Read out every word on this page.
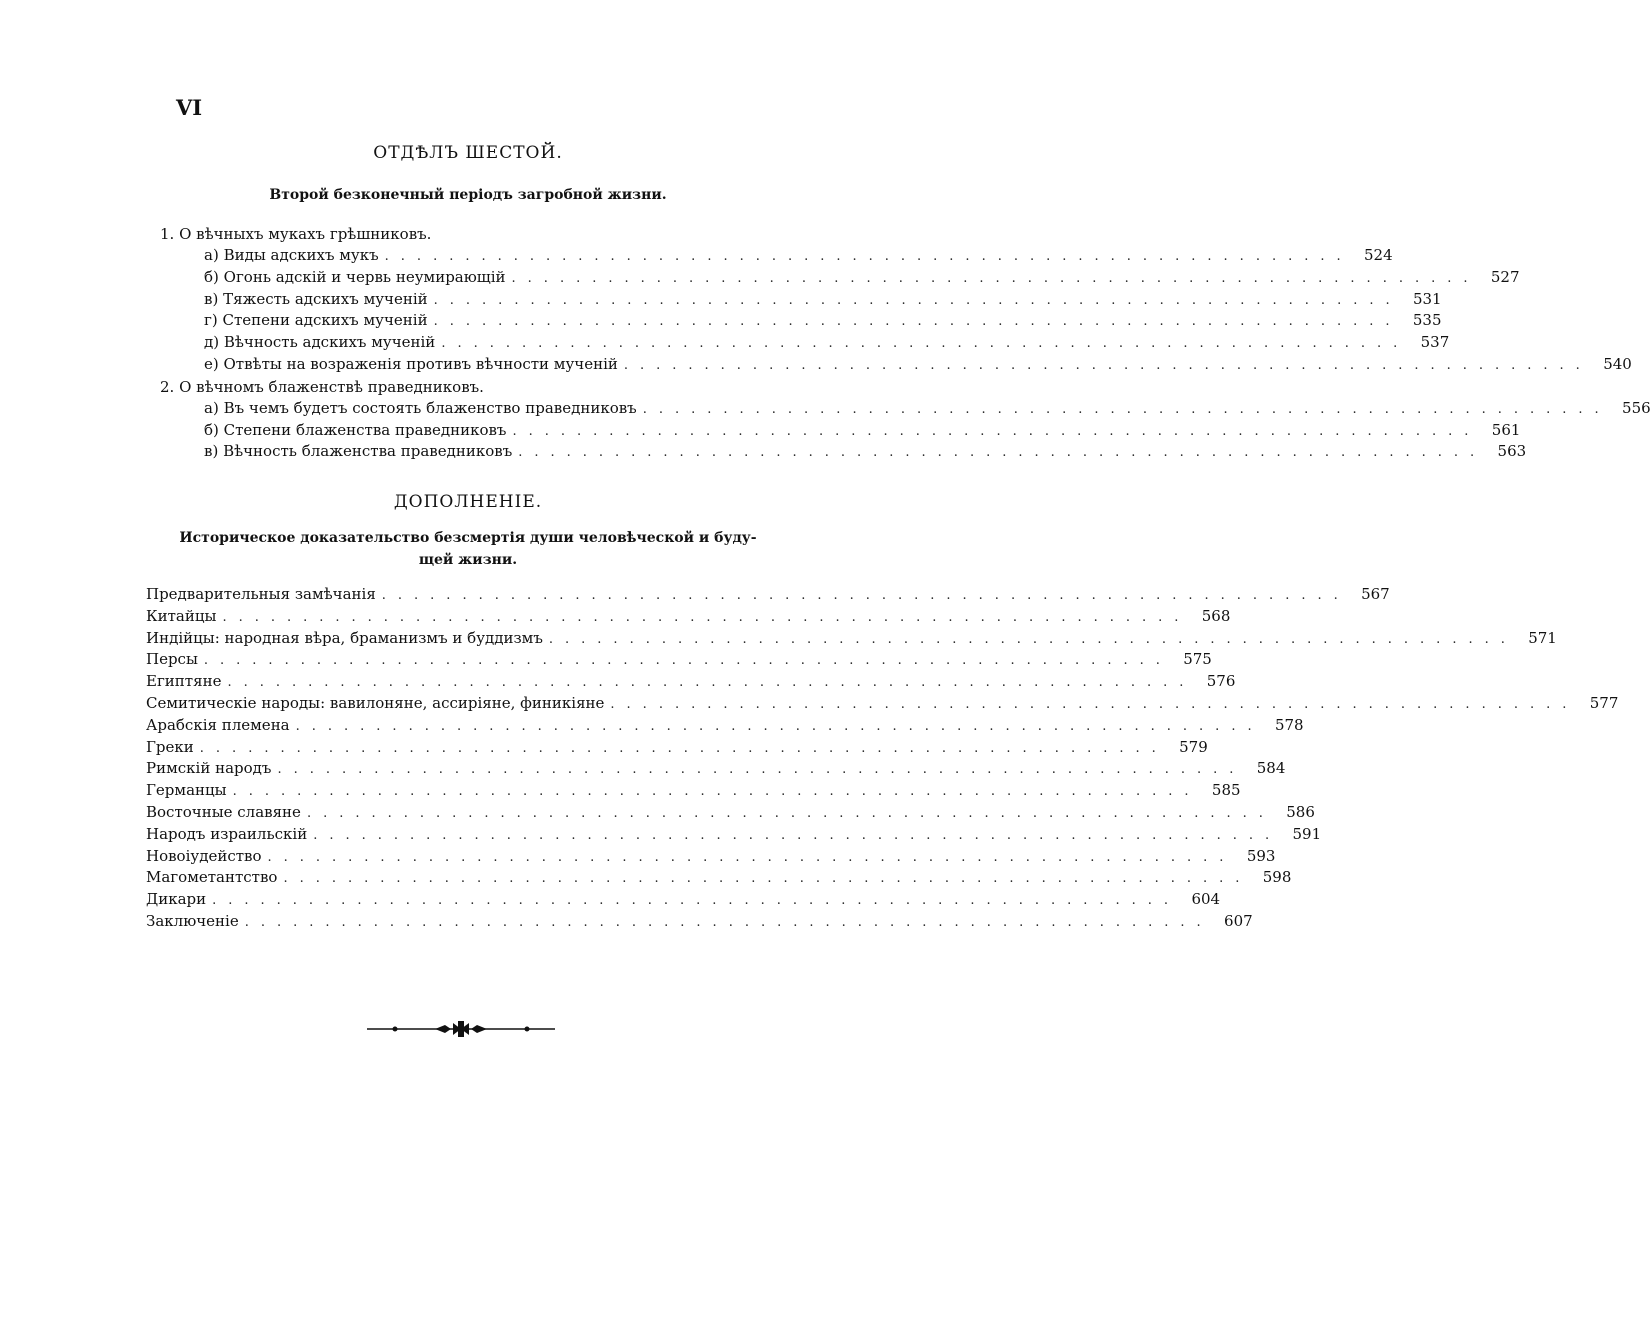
VI
ОТДѢЛЪ ШЕСТОЙ.
Второй безконечный періодъ загробной жизни.
1. О вѣчныхъ мукахъ грѣшниковъ.
а) Виды адскихъ мукъ ............................................................ 524
б) Огонь адскій и червь неумирающій ............................................................ 527
в) Тяжесть адскихъ мученій ............................................................ 531
г) Степени адскихъ мученій ............................................................ 535
д) Вѣчность адскихъ мученій ............................................................ 537
е) Отвѣты на возраженія противъ вѣчности мученій ............................................................ 540
2. О вѣчномъ блаженствѣ праведниковъ.
а) Въ чемъ будетъ состоять блаженство праведниковъ ............................................................ 556
б) Степени блаженства праведниковъ ............................................................ 561
в) Вѣчность блаженства праведниковъ ............................................................ 563
ДОПОЛНЕНІЕ.
Историческое доказательство безсмертія души человѣческой и буду-
щей жизни.
Предварительныя замѣчанія ............................................................ 567
Китайцы ............................................................ 568
Индійцы: народная вѣра, браманизмъ и буддизмъ ............................................................ 571
Персы ............................................................ 575
Египтяне ............................................................ 576
Семитическіе народы: вавилоняне, ассиріяне, финикіяне ............................................................ 577
Арабскія племена ............................................................ 578
Греки ............................................................ 579
Римскій народъ ............................................................ 584
Германцы ............................................................ 585
Восточные славяне ............................................................ 586
Народъ израильскій ............................................................ 591
Новоіудейство ............................................................ 593
Магометантство ............................................................ 598
Дикари ............................................................ 604
Заключеніе ............................................................ 607
